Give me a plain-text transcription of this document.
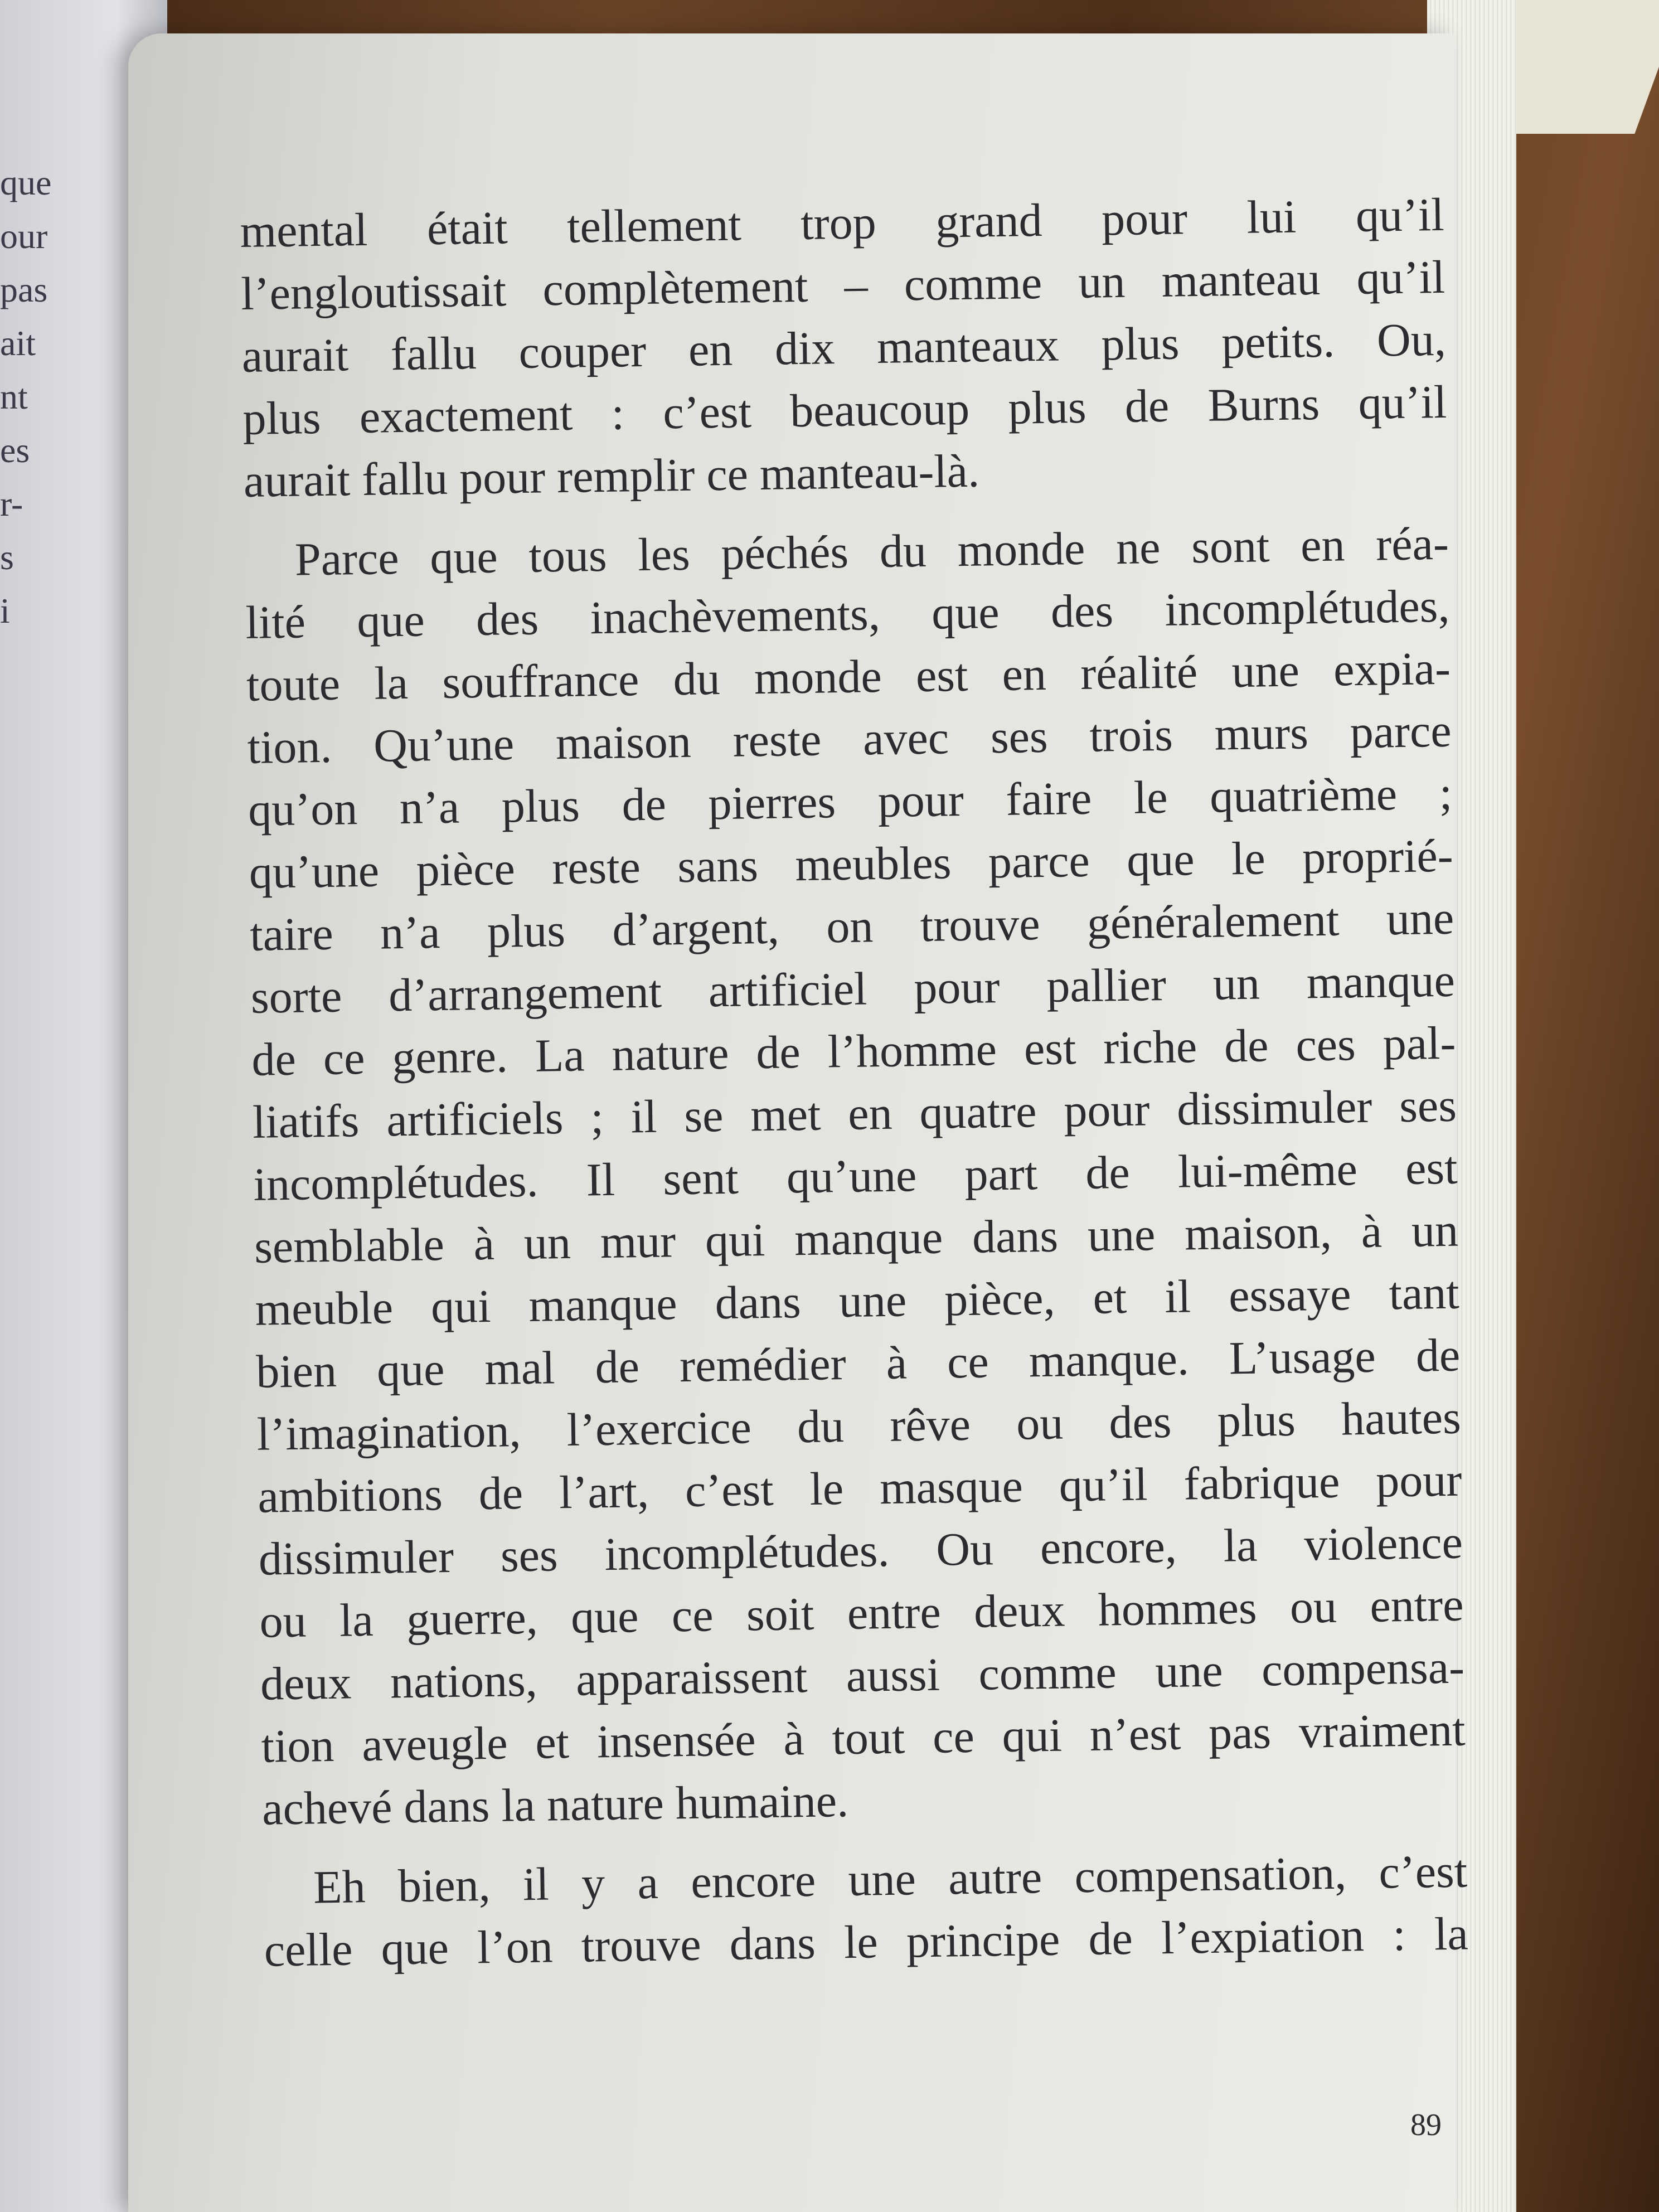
que
our
pas
ait
nt
es
r-
s
i
mental était tellement trop grand pour lui qu’il
l’engloutissait complètement – comme un manteau qu’il
aurait fallu couper en dix manteaux plus petits. Ou,
plus exactement : c’est beaucoup plus de Burns qu’il
aurait fallu pour remplir ce manteau-là.
Parce que tous les péchés du monde ne sont en réa-
lité que des inachèvements, que des incomplétudes,
toute la souffrance du monde est en réalité une expia-
tion. Qu’une maison reste avec ses trois murs parce
qu’on n’a plus de pierres pour faire le quatrième ;
qu’une pièce reste sans meubles parce que le proprié-
taire n’a plus d’argent, on trouve généralement une
sorte d’arrangement artificiel pour pallier un manque
de ce genre. La nature de l’homme est riche de ces pal-
liatifs artificiels ; il se met en quatre pour dissimuler ses
incomplétudes. Il sent qu’une part de lui-même est
semblable à un mur qui manque dans une maison, à un
meuble qui manque dans une pièce, et il essaye tant
bien que mal de remédier à ce manque. L’usage de
l’imagination, l’exercice du rêve ou des plus hautes
ambitions de l’art, c’est le masque qu’il fabrique pour
dissimuler ses incomplétudes. Ou encore, la violence
ou la guerre, que ce soit entre deux hommes ou entre
deux nations, apparaissent aussi comme une compensa-
tion aveugle et insensée à tout ce qui n’est pas vraiment
achevé dans la nature humaine.
Eh bien, il y a encore une autre compensation, c’est
celle que l’on trouve dans le principe de l’expiation : la
89
